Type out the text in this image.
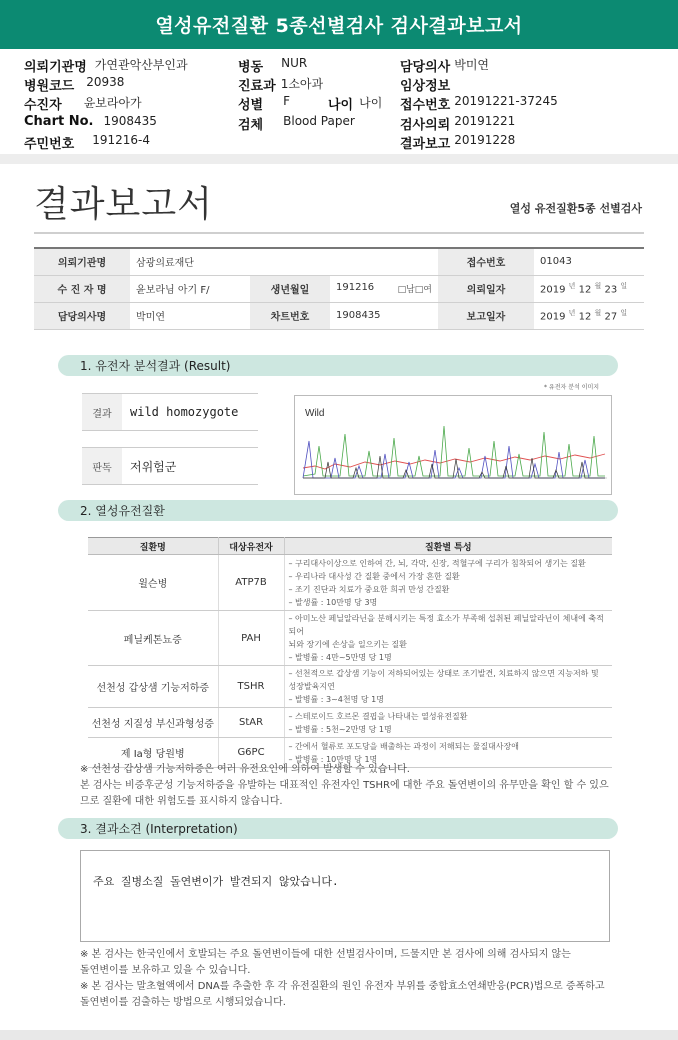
열성유전질환 5종선별검사 검사결과보고서
의뢰기관명 가연관악산부인과	병동 NUR	담당의사 박미연
병원코드 20938	진료과 1소아과	임상정보
수진자 윤보라아가	성별 F	나이 나이 접수번호 20191221-37245
Chart No. 1908435	검체 Blood Paper	검사의뢰 20191221
주민번호 191216-4	결과보고 20191228
결과보고서	열성 유전질환5종 선별검사
의뢰기관명	삼광의료재단			접수번호	01043
수 진 자 명	윤보라님 아기 F/	생년월일	191216 □남□여	의뢰일자	2019 $^년$ 12 $^월$ 23 $^일$
담당의사명	박미연	차트번호	1908435	보고일자	2019 $^년$ 12 $^월$ 27 $^일$
1. 유전자 분석결과 (Result)
* 유전자 분석 이미지
결과	wild homozygote
판독	저위험군
Wild
2. 열성유전질환
질환명	대상유전자	질환별 특성
윌슨병	ATP7B	– 구리대사이상으로 인하여 간, 뇌, 각막, 신장, 적혈구에 구리가 침착되어 생기는 질환
– 우리나라 대사성 간 질환 중에서 가장 흔한 질환
– 조기 진단과 치료가 중요한 희귀 만성 간질환
– 발생률 : 10만명 당 3명

페닐케톤뇨증	PAH	– 아미노산 페닐알라닌을 분해시키는 특정 효소가 부족해 섭취된 페닐알라닌이 체내에 축적되어
뇌와 장기에 손상을 일으키는 질환
– 발병률 : 4만~5만명 당 1명

선천성 갑상샘 기능저하증	TSHR	– 선천적으로 갑상샘 기능이 저하되어있는 상태로 조기발견, 치료하지 않으면 지능저하 및
성장발육지연
– 발병률 : 3~4천명 당 1명

선천성 지질성 부신과형성증	StAR	– 스테로이드 호르몬 결핍을 나타내는 열성유전질환
– 발병률 : 5천~2만명 당 1명

제 Ia형 당원병	G6PC	– 간에서 혈류로 포도당을 배출하는 과정이 저해되는 물질대사장애
– 발병률 : 10만명 당 1명
※ 선천성 갑상샘 기능저하증은 여러 유전요인에 의하여 발생할 수 있습니다.
본 검사는 비증후군성 기능저하증을 유발하는 대표적인 유전자인 TSHR에 대한 주요 돌연변이의 유무만을 확인 할 수 있으
므로 질환에 대한 위험도를 표시하지 않습니다.
3. 결과소견 (Interpretation)
주요 질병소질 돌연변이가 발견되지 않았습니다.
※ 본 검사는 한국인에서 호발되는 주요 돌연변이들에 대한 선별검사이며, 드물지만 본 검사에 의해 검사되지 않는
돌연변이를 보유하고 있을 수 있습니다.
※ 본 검사는 말초혈액에서 DNA를 추출한 후 각 유전질환의 원인 유전자 부위를 중합효소연쇄반응(PCR)법으로 증폭하고
돌연변이를 검출하는 방법으로 시행되었습니다.
